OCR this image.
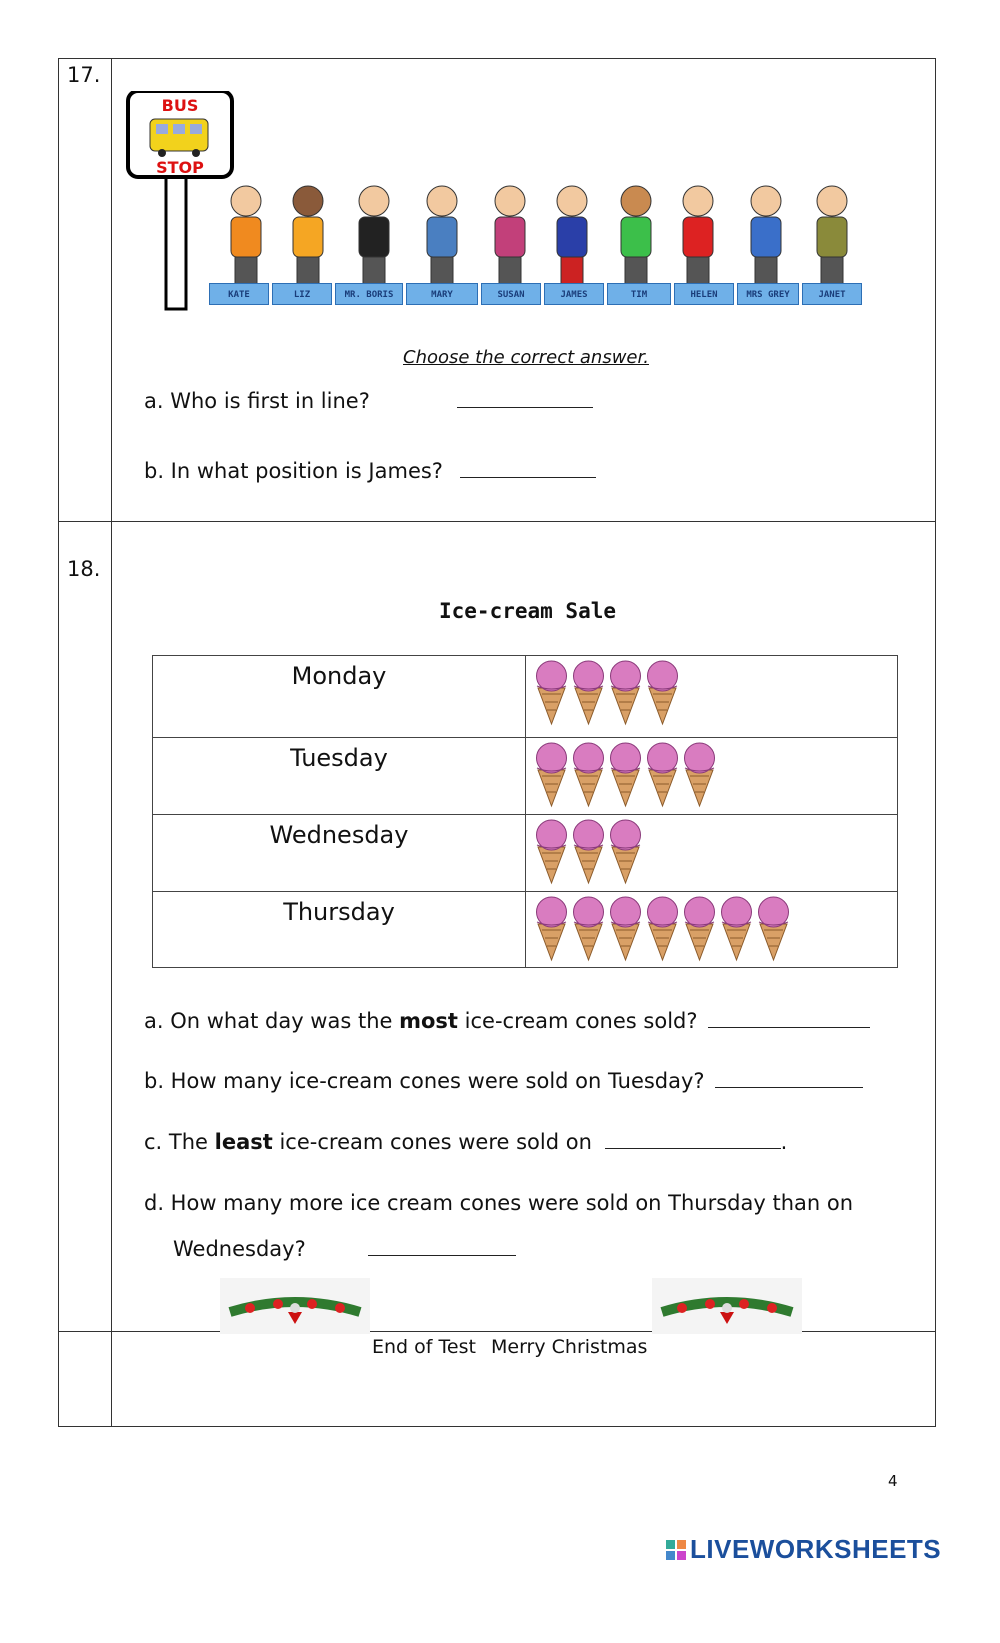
17.
BUS
STOP
KATE	LIZ	MR. BORIS	MARY	SUSAN	JAMES	TIM	HELEN	MRS GREY	JANET
Choose the correct answer.
a. Who is first in line?
b. In what position is James?
18.
Ice-cream Sale
Monday	

Tuesday	

Wednesday	

Thursday	
a. On what day was the most ice-cream cones sold?
b. How many ice-cream cones were sold on Tuesday?
c. The least ice-cream cones were sold on	.
d. How many more ice cream cones were sold on Thursday than on
Wednesday?
End of Test Merry Christmas
4
LIVEWORKSHEETS
